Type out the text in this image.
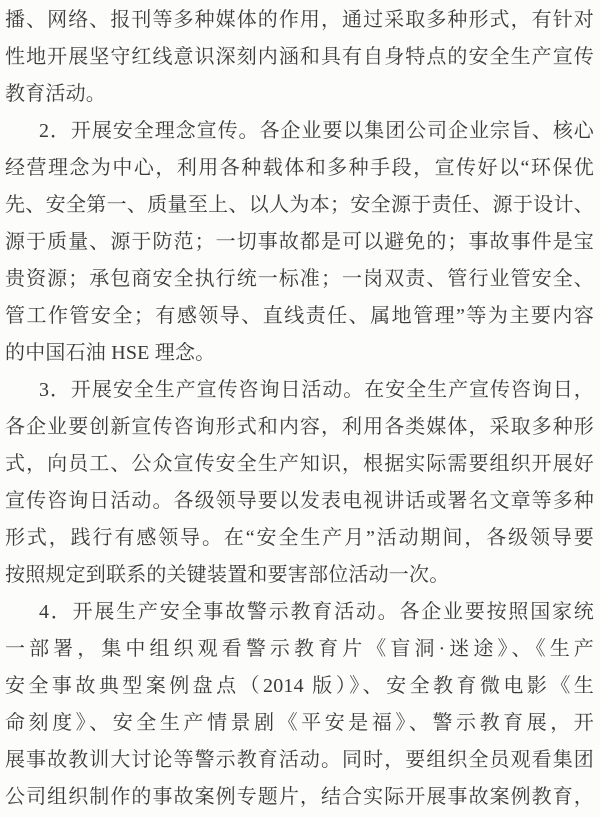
播、网络、报刊等多种媒体的作用，通过采取多种形式，有针对
性地开展坚守红线意识深刻内涵和具有自身特点的安全生产宣传
教育活动。
2．开展安全理念宣传。各企业要以集团公司企业宗旨、核心
经营理念为中心，利用各种载体和多种手段，宣传好以“环保优
先、安全第一、质量至上、以人为本；安全源于责任、源于设计、
源于质量、源于防范；一切事故都是可以避免的；事故事件是宝
贵资源；承包商安全执行统一标准；一岗双责、管行业管安全、
管工作管安全；有感领导、直线责任、属地管理”等为主要内容
的中国石油 HSE 理念。
3．开展安全生产宣传咨询日活动。在安全生产宣传咨询日，
各企业要创新宣传咨询形式和内容，利用各类媒体，采取多种形
式，向员工、公众宣传安全生产知识，根据实际需要组织开展好
宣传咨询日活动。各级领导要以发表电视讲话或署名文章等多种
形式，践行有感领导。在“安全生产月”活动期间，各级领导要
按照规定到联系的关键装置和要害部位活动一次。
4．开展生产安全事故警示教育活动。各企业要按照国家统
一部署，集中组织观看警示教育片《盲洞·迷途》、《生产
安全事故典型案例盘点（2014 版）》、安全教育微电影《生
命刻度》、安全生产情景剧《平安是福》、警示教育展，开
展事故教训大讨论等警示教育活动。同时，要组织全员观看集团
公司组织制作的事故案例专题片，结合实际开展事故案例教育，
